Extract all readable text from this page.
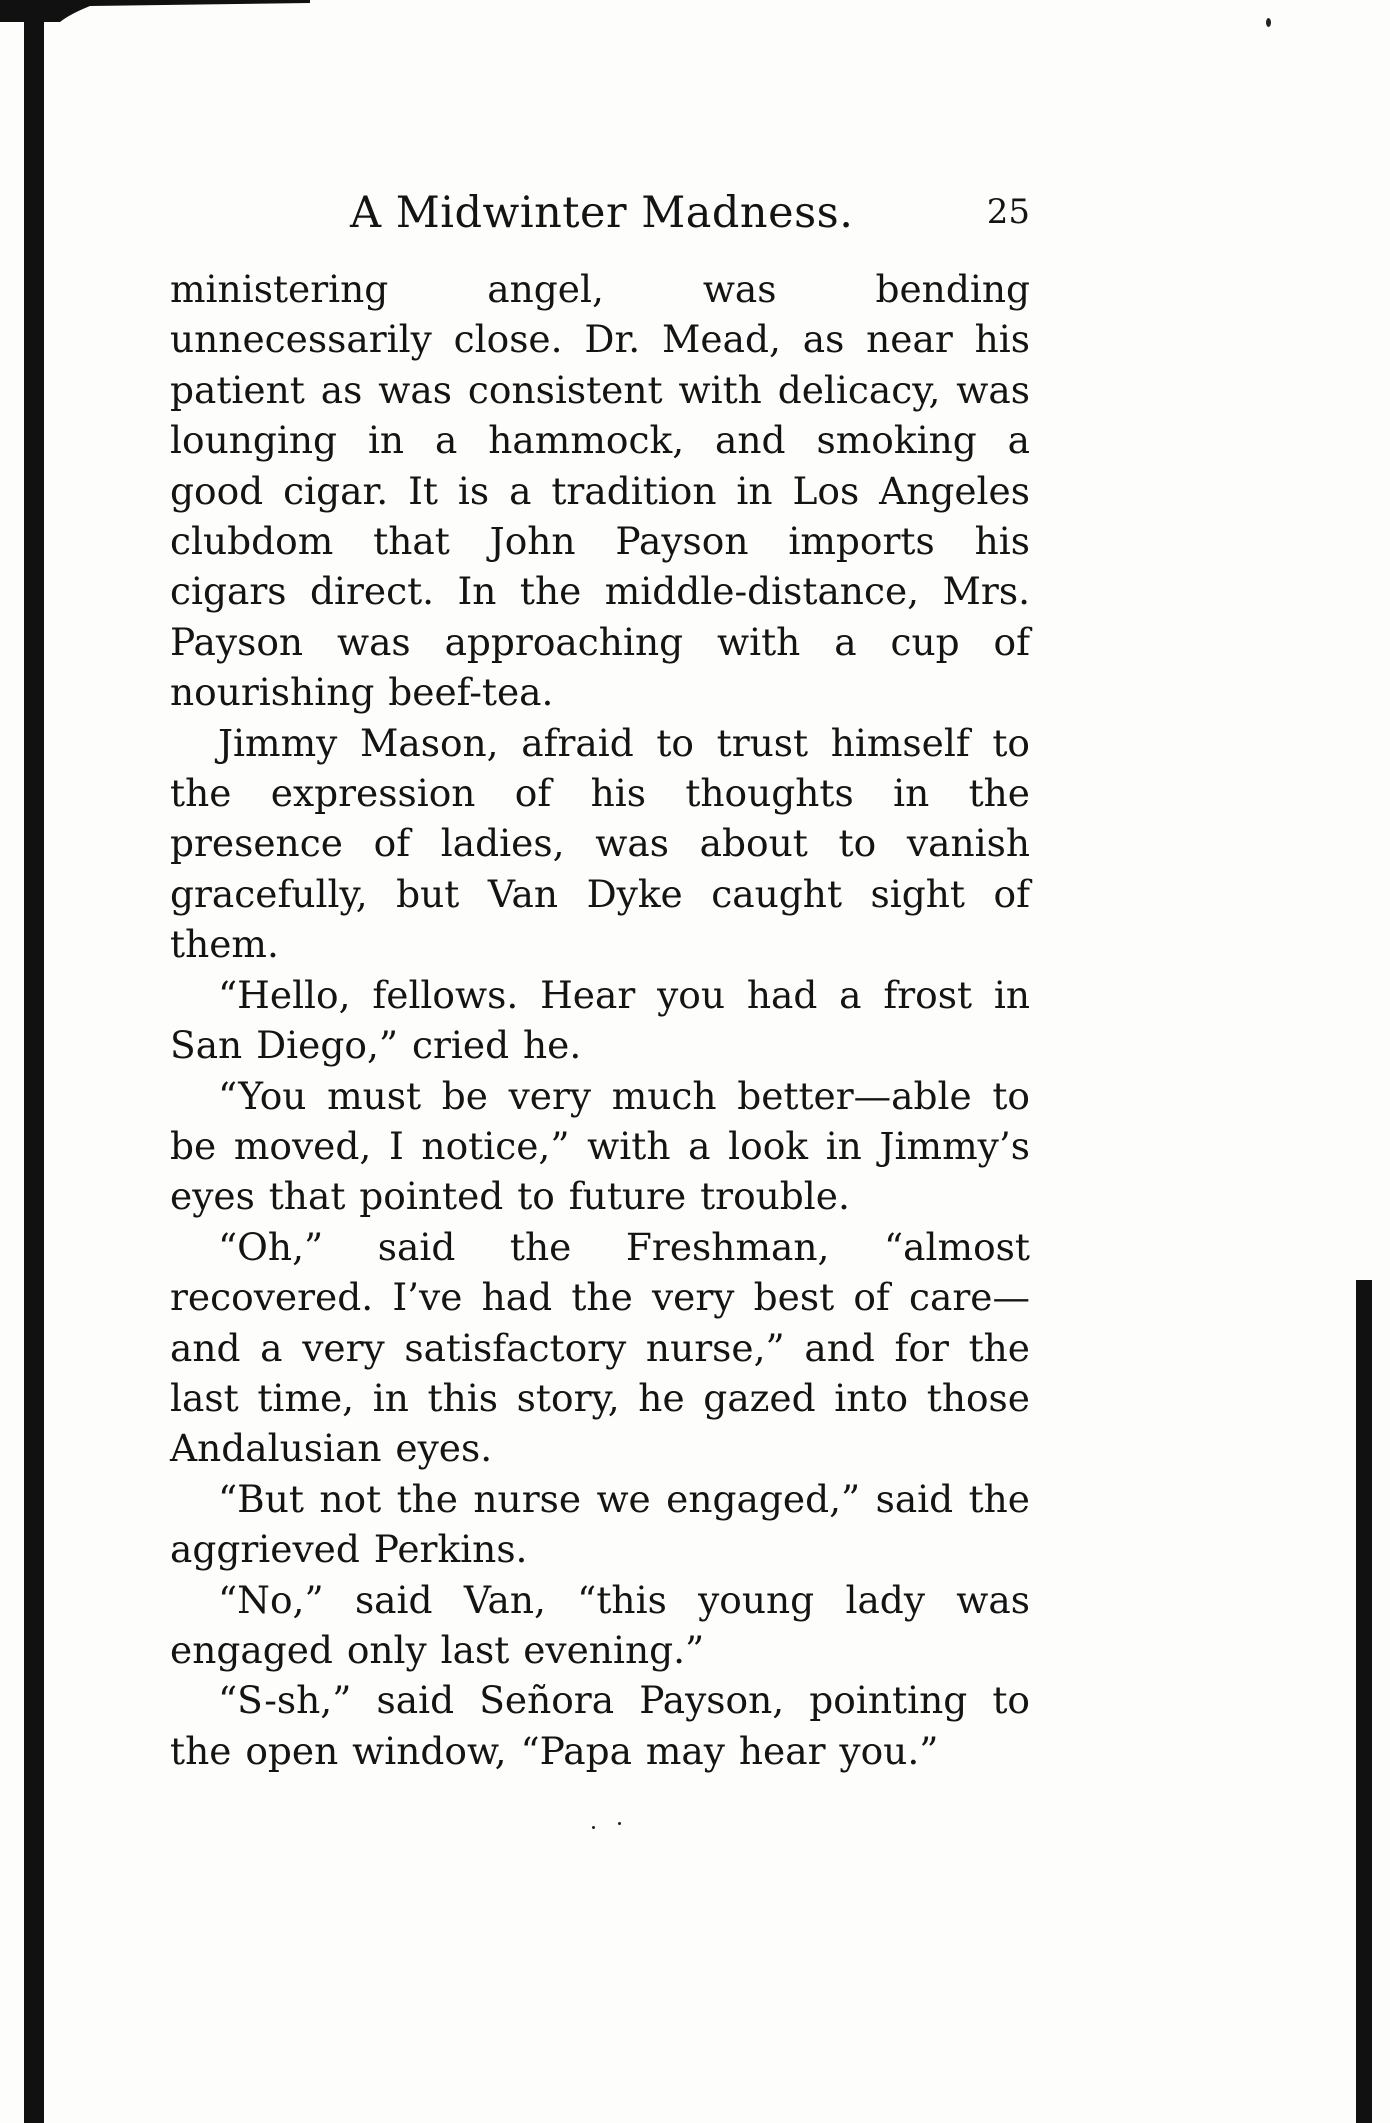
A Midwinter Madness.	25

ministering angel, was bending unnecessarily close. Dr. Mead, as near his patient as was consistent with delicacy, was lounging in a hammock, and smoking a good cigar. It is a tradition in Los Angeles clubdom that John Payson imports his cigars direct. In the middle-distance, Mrs. Payson was approaching with a cup of nourishing beef-tea.

Jimmy Mason, afraid to trust himself to the expression of his thoughts in the presence of ladies, was about to vanish gracefully, but Van Dyke caught sight of them.

“Hello, fellows. Hear you had a frost in San Diego,” cried he.

“You must be very much better—able to be moved, I notice,” with a look in Jimmy’s eyes that pointed to future trouble.

“Oh,” said the Freshman, “almost recovered. I’ve had the very best of care—and a very satisfactory nurse,” and for the last time, in this story, he gazed into those Andalusian eyes.

“But not the nurse we engaged,” said the aggrieved Perkins.

“No,” said Van, “this young lady was engaged only last evening.”

“S-sh,” said Señora Payson, pointing to the open window, “Papa may hear you.”
